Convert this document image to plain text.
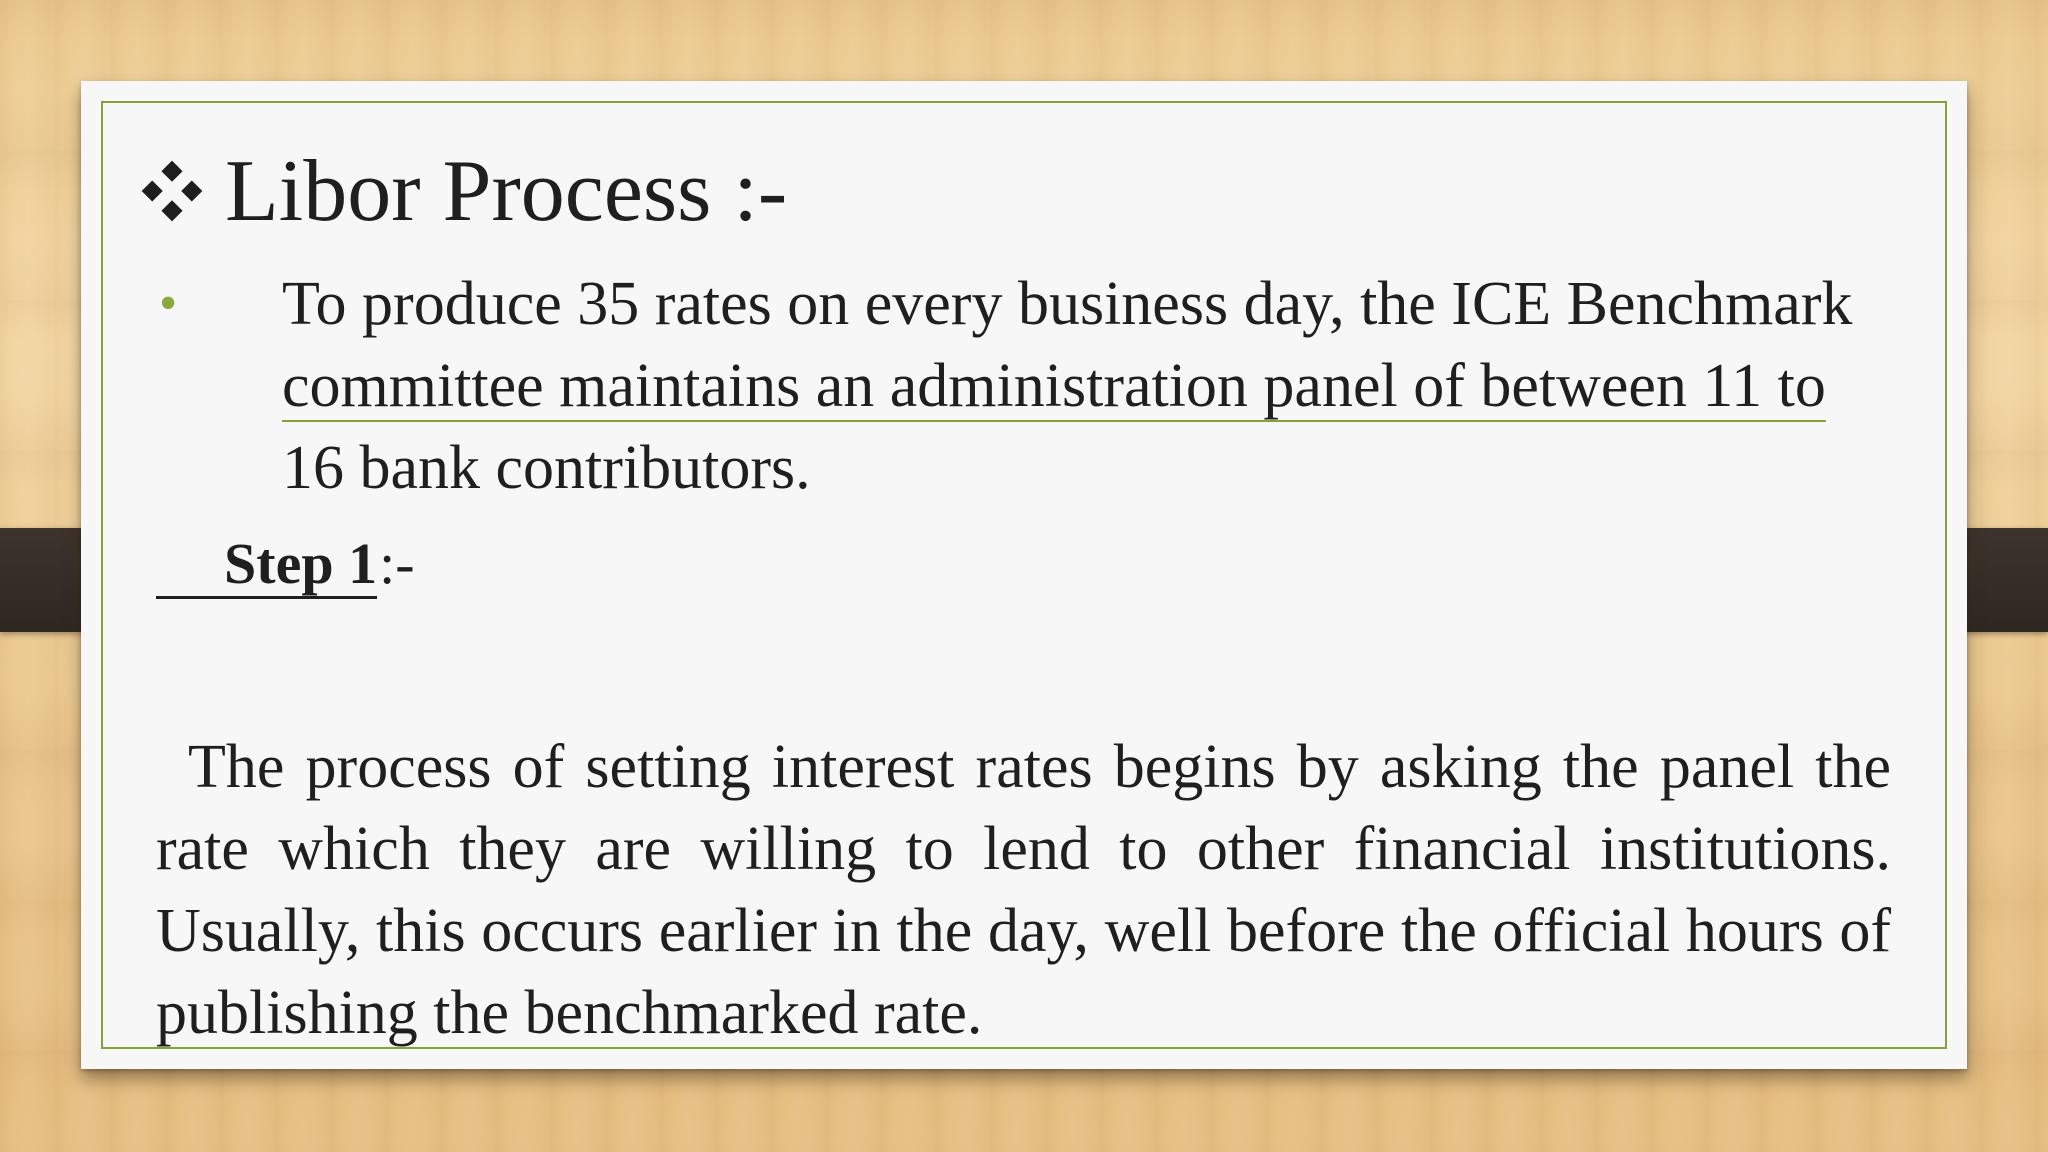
Libor Process :-
• To produce 35 rates on every business day, the ICE Benchmark
committee maintains an administration panel of between 11 to
16 bank contributors.

Step 1:-

The process of setting interest rates begins by asking the panel the rate which they are willing to lend to other financial institutions. Usually, this occurs earlier in the day, well before the official hours of publishing the benchmarked rate.
